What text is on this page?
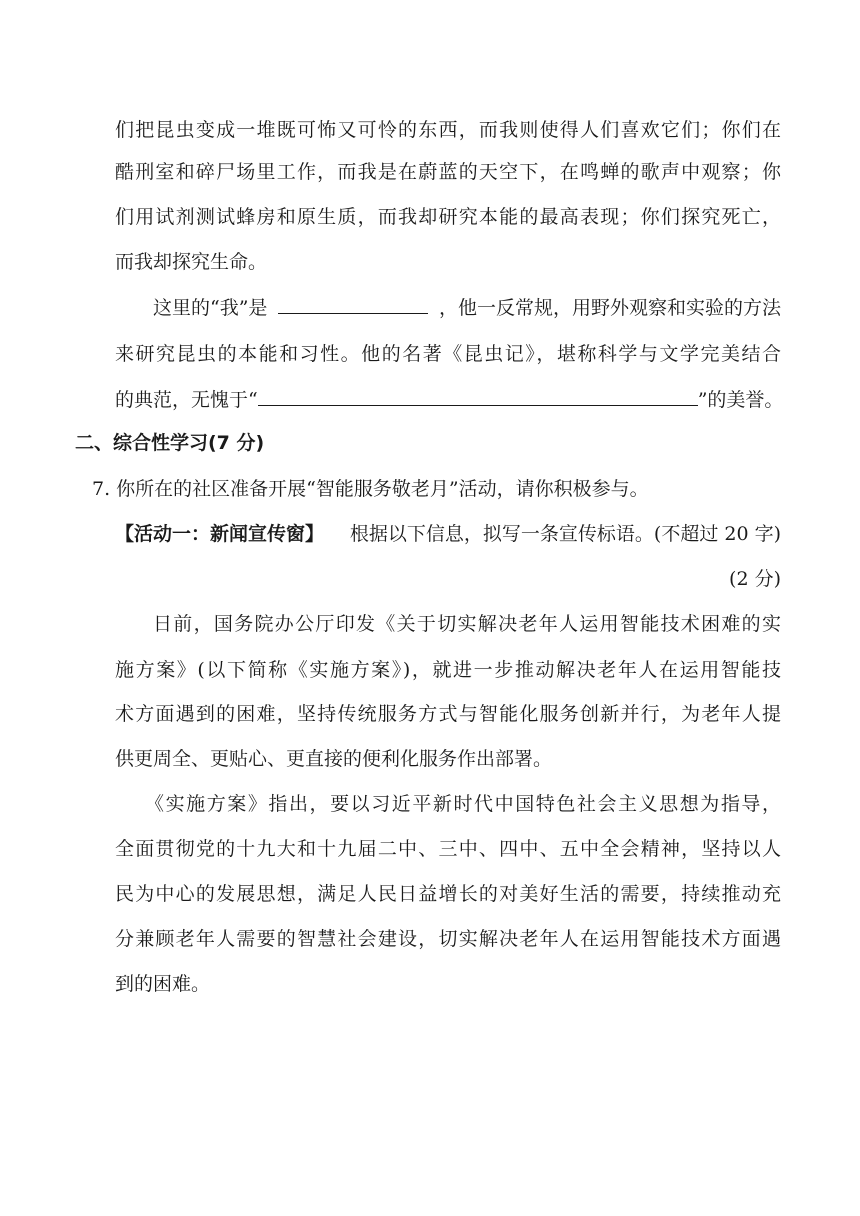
们把昆虫变成一堆既可怖又可怜的东西，而我则使得人们喜欢它们；你们在
酷刑室和碎尸场里工作，而我是在蔚蓝的天空下，在鸣蝉的歌声中观察；你
们用试剂测试蜂房和原生质，而我却研究本能的最高表现；你们探究死亡，
而我却探究生命。
这里的“我”是	，他一反常规，用野外观察和实验的方法
来研究昆虫的本能和习性。他的名著《昆虫记》，堪称科学与文学完美结合
的典范，无愧于“	”的美誉。
二、综合性学习(7 分)
7. 你所在的社区准备开展“智能服务敬老月”活动，请你积极参与。
【活动一：新闻宣传窗】 根据以下信息，拟写一条宣传标语。(不超过 20 字)
(2 分)
日前，国务院办公厅印发《关于切实解决老年人运用智能技术困难的实
施方案》(以下简称《实施方案》)，就进一步推动解决老年人在运用智能技
术方面遇到的困难，坚持传统服务方式与智能化服务创新并行，为老年人提
供更周全、更贴心、更直接的便利化服务作出部署。
《实施方案》指出，要以习近平新时代中国特色社会主义思想为指导，
全面贯彻党的十九大和十九届二中、三中、四中、五中全会精神，坚持以人
民为中心的发展思想，满足人民日益增长的对美好生活的需要，持续推动充
分兼顾老年人需要的智慧社会建设，切实解决老年人在运用智能技术方面遇
到的困难。
